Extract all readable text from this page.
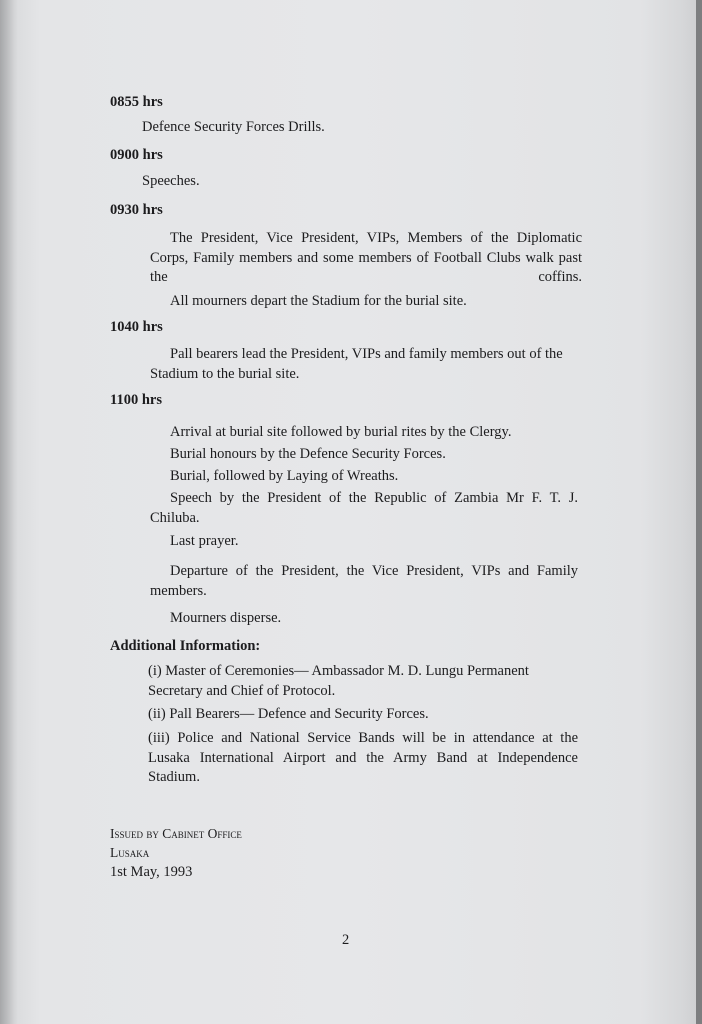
0855 hrs
Defence Security Forces Drills.
0900 hrs
Speeches.
0930 hrs
The President, Vice President, VIPs, Members of the Diplomatic Corps, Family members and some members of Football Clubs walk past the coffins.
All mourners depart the Stadium for the burial site.
1040 hrs
Pall bearers lead the President, VIPs and family members out of the Stadium to the burial site.
1100 hrs
Arrival at burial site followed by burial rites by the Clergy.
Burial honours by the Defence Security Forces.
Burial, followed by Laying of Wreaths.
Speech by the President of the Republic of Zambia Mr F. T. J. Chiluba.
Last prayer.
Departure of the President, the Vice President, VIPs and Family members.
Mourners disperse.
Additional Information:
(i) Master of Ceremonies— Ambassador M. D. Lungu Permanent Secretary and Chief of Protocol.
(ii) Pall Bearers— Defence and Security Forces.
(iii) Police and National Service Bands will be in attendance at the Lusaka International Airport and the Army Band at Independence Stadium.
Issued by Cabinet Office
Lusaka
1st May, 1993
2
